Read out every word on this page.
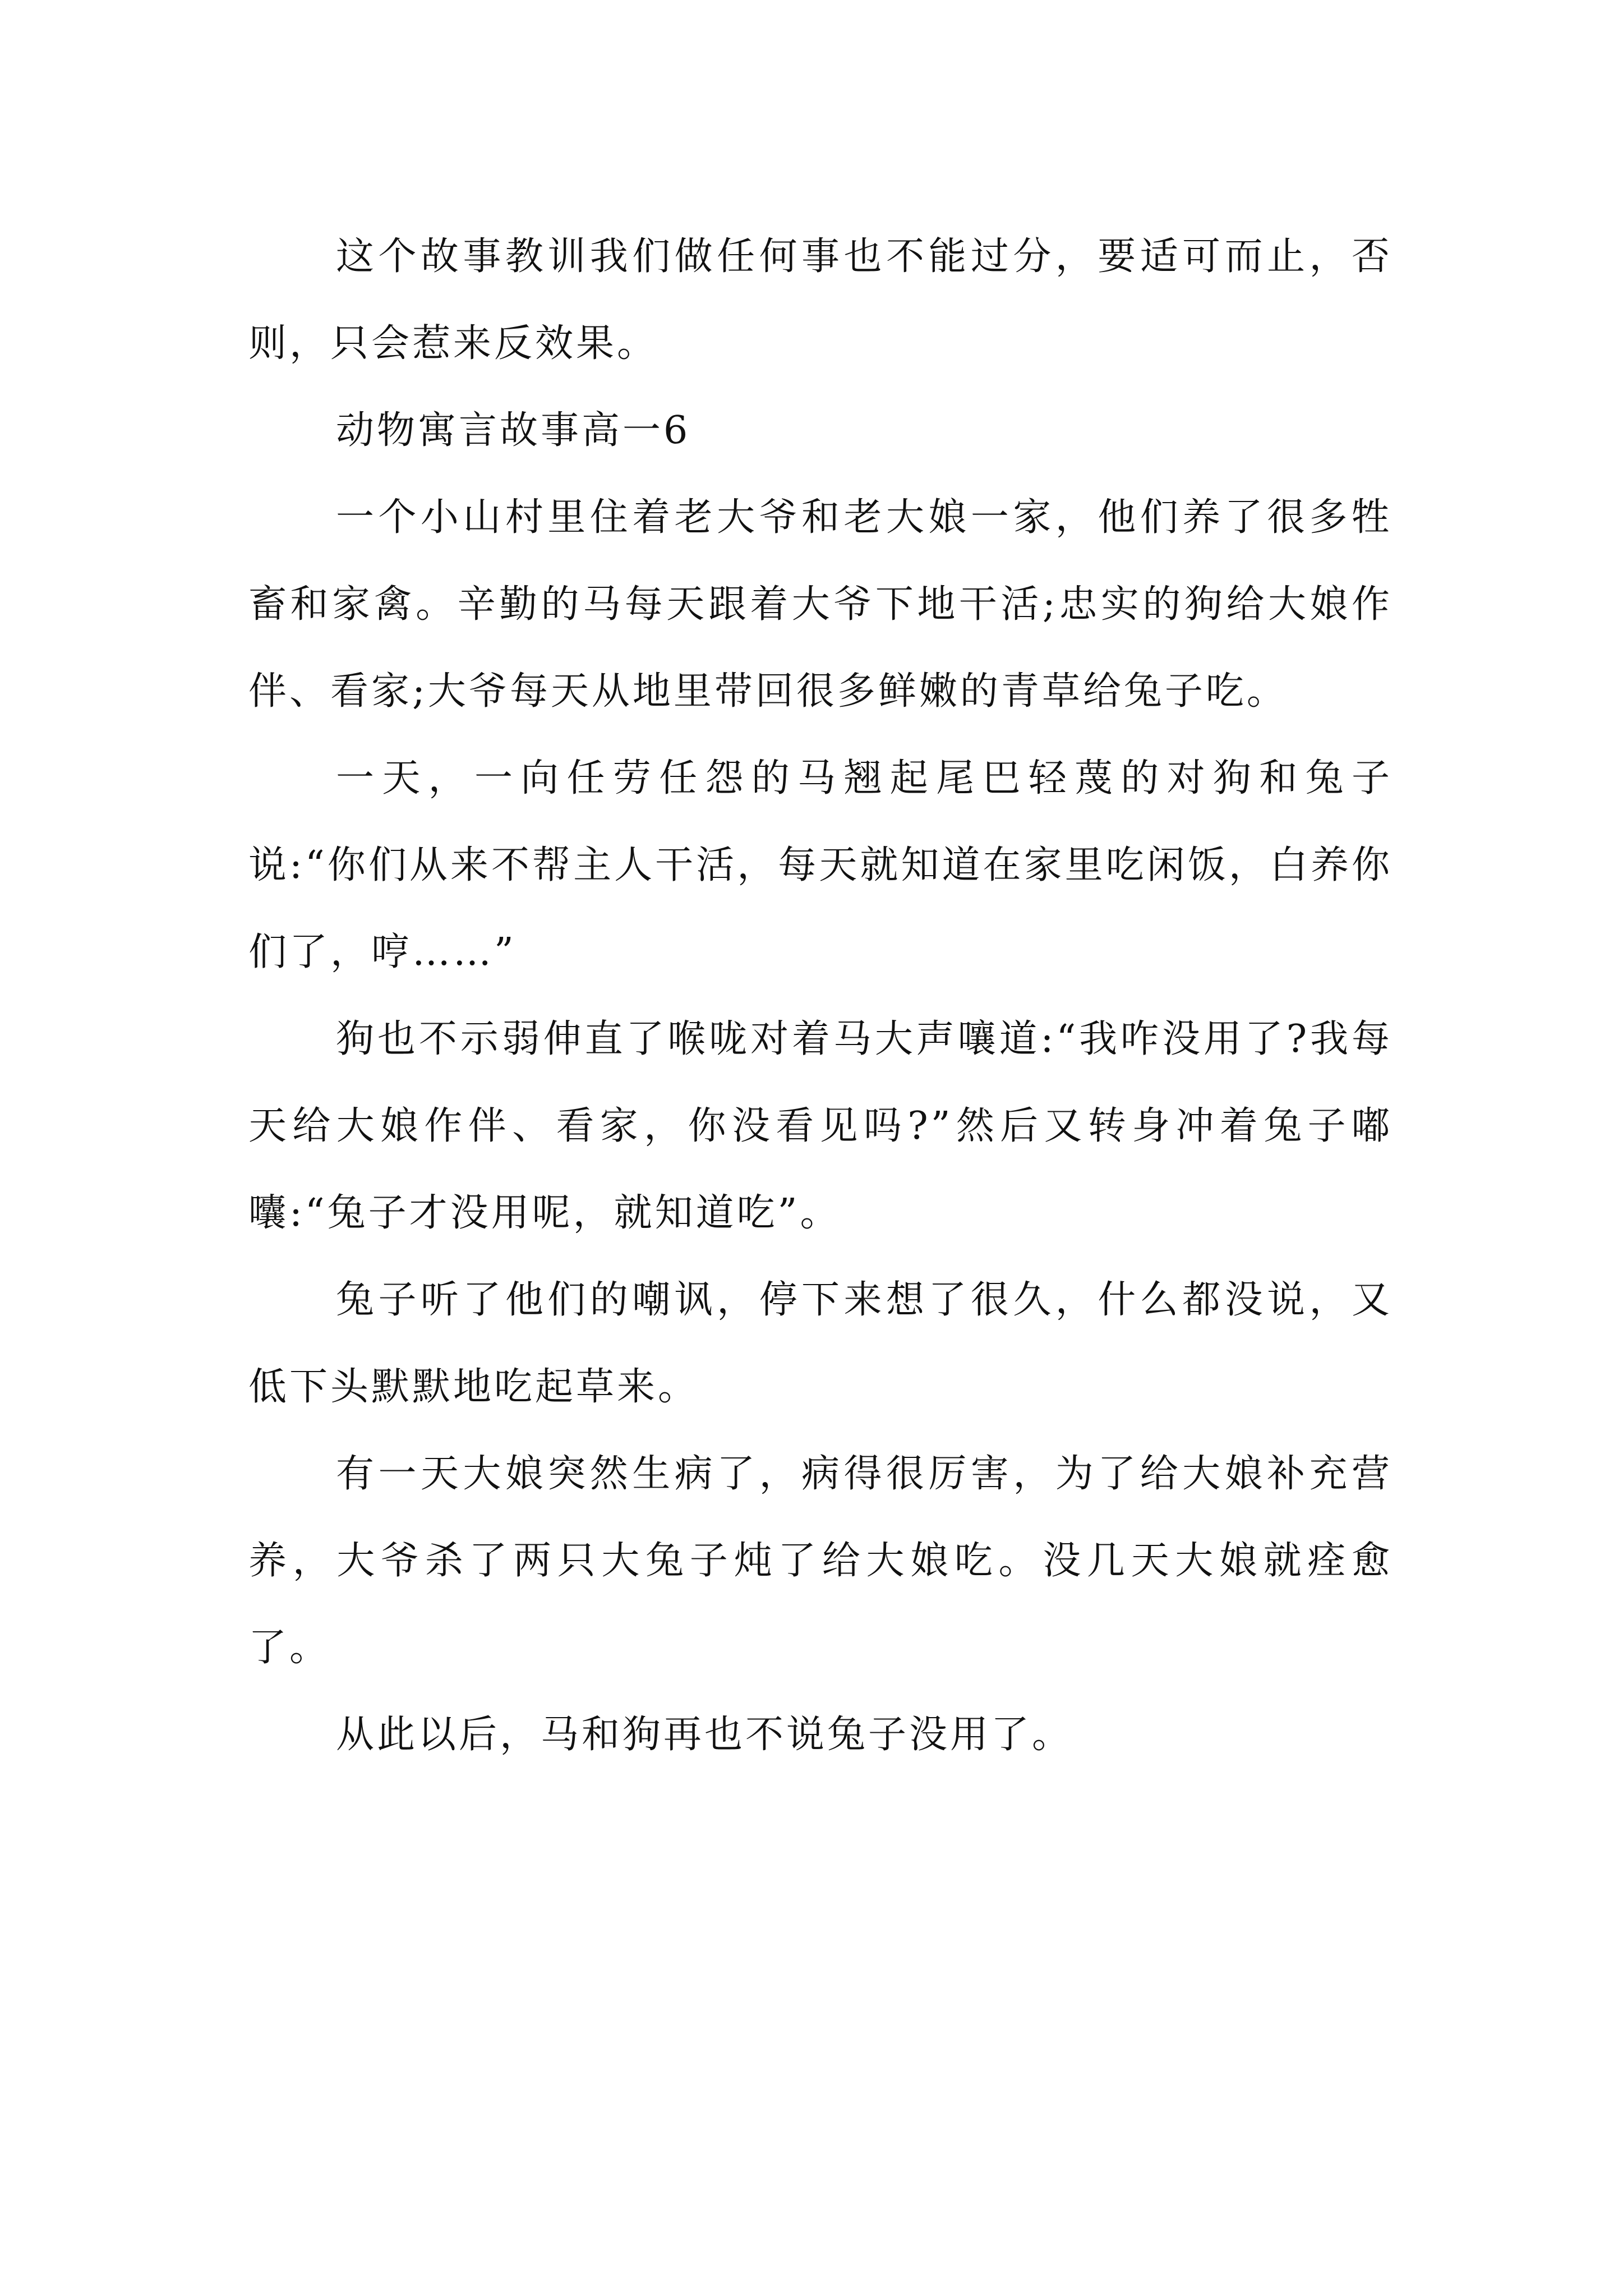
这个故事教训我们做任何事也不能过分，要适可而止，否则，只会惹来反效果。

动物寓言故事高一6

一个小山村里住着老大爷和老大娘一家，他们养了很多牲畜和家禽。辛勤的马每天跟着大爷下地干活;忠实的狗给大娘作伴、看家;大爷每天从地里带回很多鲜嫩的青草给兔子吃。

一天，一向任劳任怨的马翘起尾巴轻蔑的对狗和兔子说:“你们从来不帮主人干活，每天就知道在家里吃闲饭，白养你们了，哼……”

狗也不示弱伸直了喉咙对着马大声嚷道:“我咋没用了?我每天给大娘作伴、看家，你没看见吗?”然后又转身冲着兔子嘟囔:“兔子才没用呢，就知道吃”。

兔子听了他们的嘲讽，停下来想了很久，什么都没说，又低下头默默地吃起草来。

有一天大娘突然生病了，病得很厉害，为了给大娘补充营养，大爷杀了两只大兔子炖了给大娘吃。没几天大娘就痊愈了。

从此以后，马和狗再也不说兔子没用了。
